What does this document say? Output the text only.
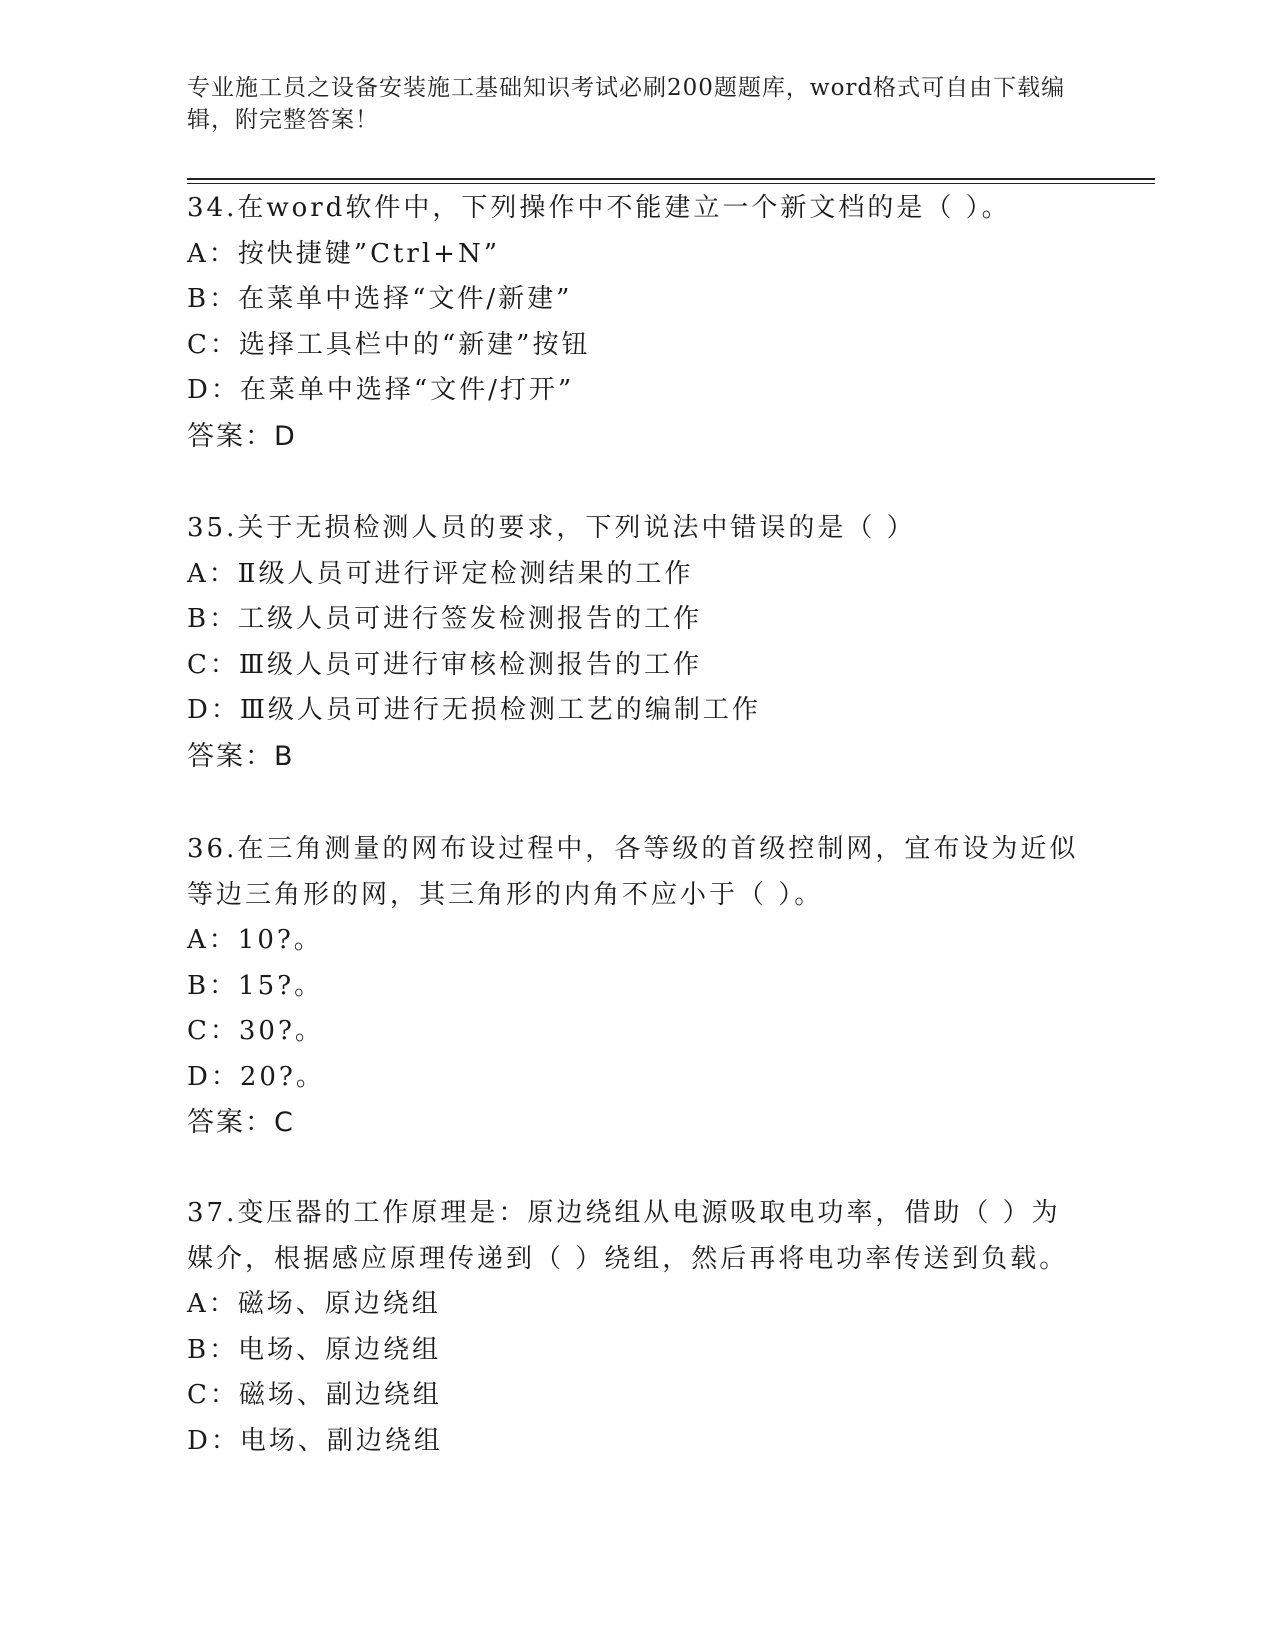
专业施工员之设备安装施工基础知识考试必刷200题题库，word格式可自由下载编辑，附完整答案！
34.在word软件中，下列操作中不能建立一个新文档的是（ ）。
A：按快捷键”Ctrl+N”
B：在菜单中选择“文件/新建”
C：选择工具栏中的“新建”按钮
D：在菜单中选择“文件/打开”
答案：D
35.关于无损检测人员的要求，下列说法中错误的是（ ）
A：Ⅱ级人员可进行评定检测结果的工作
B：工级人员可进行签发检测报告的工作
C：Ⅲ级人员可进行审核检测报告的工作
D：Ⅲ级人员可进行无损检测工艺的编制工作
答案：B
36.在三角测量的网布设过程中，各等级的首级控制网，宜布设为近似等边三角形的网，其三角形的内角不应小于（ ）。
A：10?。
B：15?。
C：30?。
D：20?。
答案：C
37.变压器的工作原理是：原边绕组从电源吸取电功率，借助（ ）为媒介，根据感应原理传递到（ ）绕组，然后再将电功率传送到负载。
A：磁场、原边绕组
B：电场、原边绕组
C：磁场、副边绕组
D：电场、副边绕组
